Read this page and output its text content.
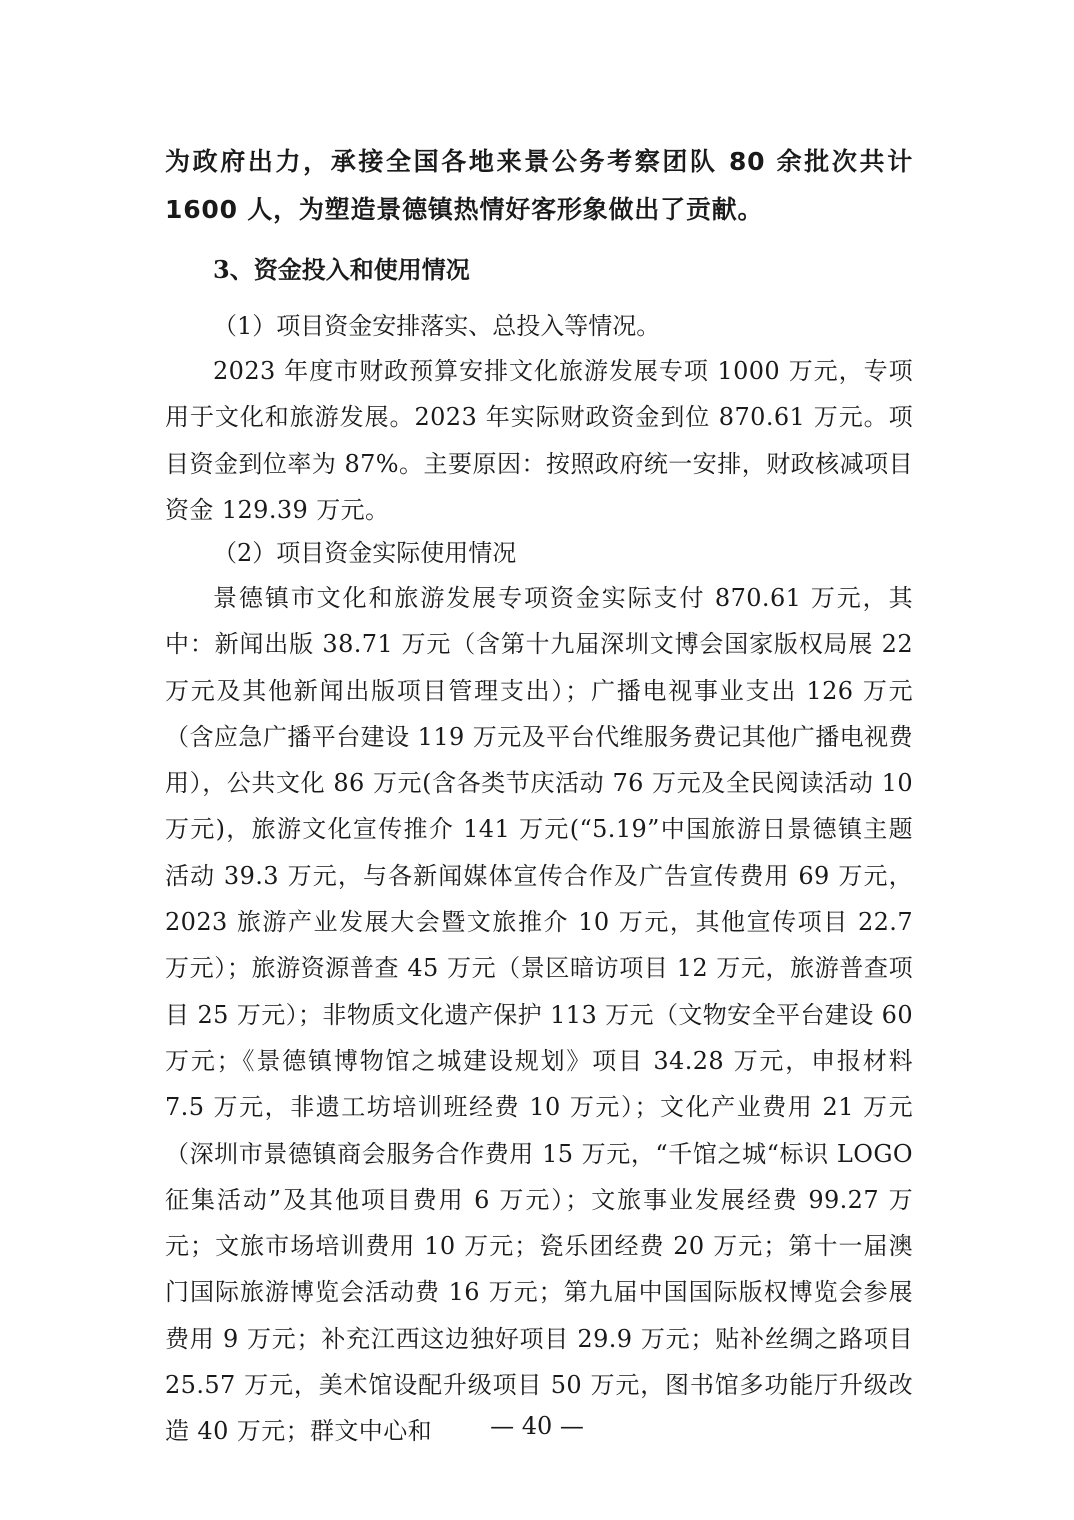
为政府出力，承接全国各地来景公务考察团队 80 余批次共计 1600 人，为塑造景德镇热情好客形象做出了贡献。

3、资金投入和使用情况

（1）项目资金安排落实、总投入等情况。

2023 年度市财政预算安排文化旅游发展专项 1000 万元，专项用于文化和旅游发展。2023 年实际财政资金到位 870.61 万元。项目资金到位率为 87%。主要原因：按照政府统一安排，财政核减项目资金 129.39 万元。

（2）项目资金实际使用情况

景德镇市文化和旅游发展专项资金实际支付 870.61 万元，其中：新闻出版 38.71 万元（含第十九届深圳文博会国家版权局展 22 万元及其他新闻出版项目管理支出）；广播电视事业支出 126 万元（含应急广播平台建设 119 万元及平台代维服务费记其他广播电视费用），公共文化 86 万元(含各类节庆活动 76 万元及全民阅读活动 10 万元)，旅游文化宣传推介 141 万元(“5.19”中国旅游日景德镇主题活动 39.3 万元，与各新闻媒体宣传合作及广告宣传费用 69 万元，2023 旅游产业发展大会暨文旅推介 10 万元，其他宣传项目 22.7 万元）；旅游资源普查 45 万元（景区暗访项目 12 万元，旅游普查项目 25 万元）；非物质文化遗产保护 113 万元（文物安全平台建设 60 万元；《景德镇博物馆之城建设规划》项目 34.28 万元，申报材料 7.5 万元，非遗工坊培训班经费 10 万元）；文化产业费用 21 万元（深圳市景德镇商会服务合作费用 15 万元，“千馆之城“标识 LOGO 征集活动”及其他项目费用 6 万元）；文旅事业发展经费 99.27 万元；文旅市场培训费用 10 万元；瓷乐团经费 20 万元；第十一届澳门国际旅游博览会活动费 16 万元；第九届中国国际版权博览会参展费用 9 万元；补充江西这边独好项目 29.9 万元；贴补丝绸之路项目 25.57 万元，美术馆设配升级项目 50 万元，图书馆多功能厅升级改造 40 万元；群文中心和	— 40 —
